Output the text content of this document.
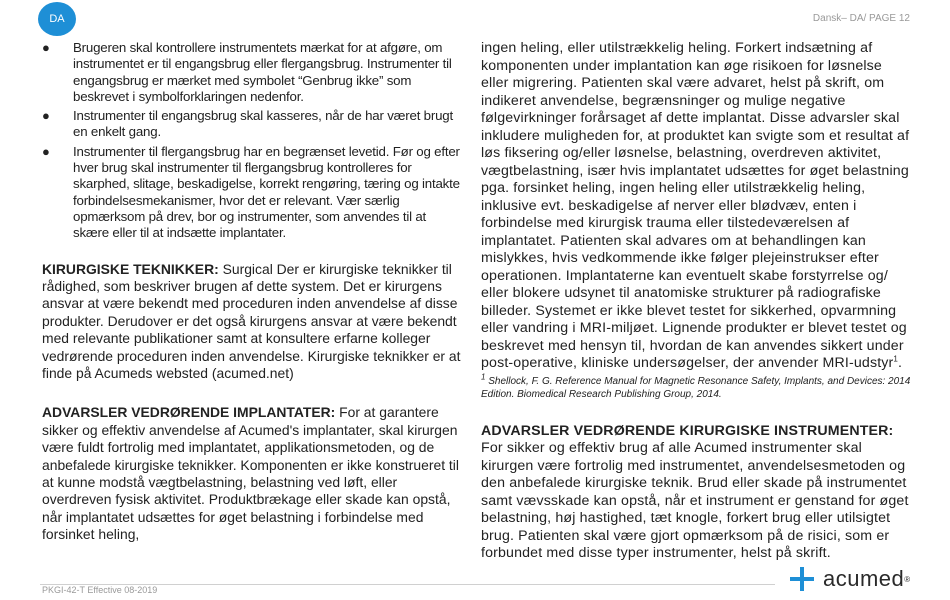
DA	Dansk– DA/ PAGE 12
● Brugeren skal kontrollere instrumentets mærkat for at afgøre, om instrumentet er til engangsbrug eller flergangsbrug. Instrumenter til engangsbrug er mærket med symbolet “Genbrug ikke” som beskrevet i symbolforklaringen nedenfor.
● Instrumenter til engangsbrug skal kasseres, når de har været brugt en enkelt gang.
● Instrumenter til flergangsbrug har en begrænset levetid. Før og efter hver brug skal instrumenter til flergangsbrug kontrolleres for skarphed, slitage, beskadigelse, korrekt rengøring, tæring og intakte forbindelsesmekanismer, hvor det er relevant. Vær særlig opmærksom på drev, bor og instrumenter, som anvendes til at skære eller til at indsætte implantater.

KIRURGISKE TEKNIKKER: Surgical Der er kirurgiske teknikker til rådighed, som beskriver brugen af dette system. Det er kirurgens ansvar at være bekendt med proceduren inden anvendelse af disse produkter. Derudover er det også kirurgens ansvar at være bekendt med relevante publikationer samt at konsultere erfarne kolleger vedrørende proceduren inden anvendelse. Kirurgiske teknikker er at finde på Acumeds websted (acumed.net)

ADVARSLER VEDRØRENDE IMPLANTATER: For at garantere sikker og effektiv anvendelse af Acumed's implantater, skal kirurgen være fuldt fortrolig med implantatet, applikationsmetoden, og de anbefalede kirurgiske teknikker. Komponenten er ikke konstrueret til at kunne modstå vægtbelastning, belastning ved løft, eller overdreven fysisk aktivitet. Produktbrækage eller skade kan opstå, når implantatet udsættes for øget belastning i forbindelse med forsinket heling,

ingen heling, eller utilstrækkelig heling. Forkert indsætning af komponenten under implantation kan øge risikoen for løsnelse eller migrering. Patienten skal være advaret, helst på skrift, om indikeret anvendelse, begrænsninger og mulige negative følgevirkninger forårsaget af dette implantat. Disse advarsler skal inkludere muligheden for, at produktet kan svigte som et resultat af løs fiksering og/eller løsnelse, belastning, overdreven aktivitet, vægtbelastning, især hvis implantatet udsættes for øget belastning pga. forsinket heling, ingen heling eller utilstrækkelig heling, inklusive evt. beskadigelse af nerver eller blødvæv, enten i forbindelse med kirurgisk trauma eller tilstedeværelsen af implantatet. Patienten skal advares om at behandlingen kan mislykkes, hvis vedkommende ikke følger plejeinstrukser efter operationen. Implantaterne kan eventuelt skabe forstyrrelse og/ eller blokere udsynet til anatomiske strukturer på radiografiske billeder. Systemet er ikke blevet testet for sikkerhed, opvarmning eller vandring i MRI-miljøet. Lignende produkter er blevet testet og beskrevet med hensyn til, hvordan de kan anvendes sikkert under post-operative, kliniske undersøgelser, der anvender MRI-udstyr$^1$.

$^1$ Shellock, F. G. Reference Manual for Magnetic Resonance Safety, Implants, and Devices: 2014 Edition. Biomedical Research Publishing Group, 2014.

ADVARSLER VEDRØRENDE KIRURGISKE INSTRUMENTER:

For sikker og effektiv brug af alle Acumed instrumenter skal kirurgen være fortrolig med instrumentet, anvendelsesmetoden og den anbefalede kirurgiske teknik. Brud eller skade på instrumentet samt vævsskade kan opstå, når et instrument er genstand for øget belastning, høj hastighed, tæt knogle, forkert brug eller utilsigtet brug. Patienten skal være gjort opmærksom på de risici, som er forbundet med disse typer instrumenter, helst på skrift.

PKGI-42-T Effective 08-2019	acumed ®
